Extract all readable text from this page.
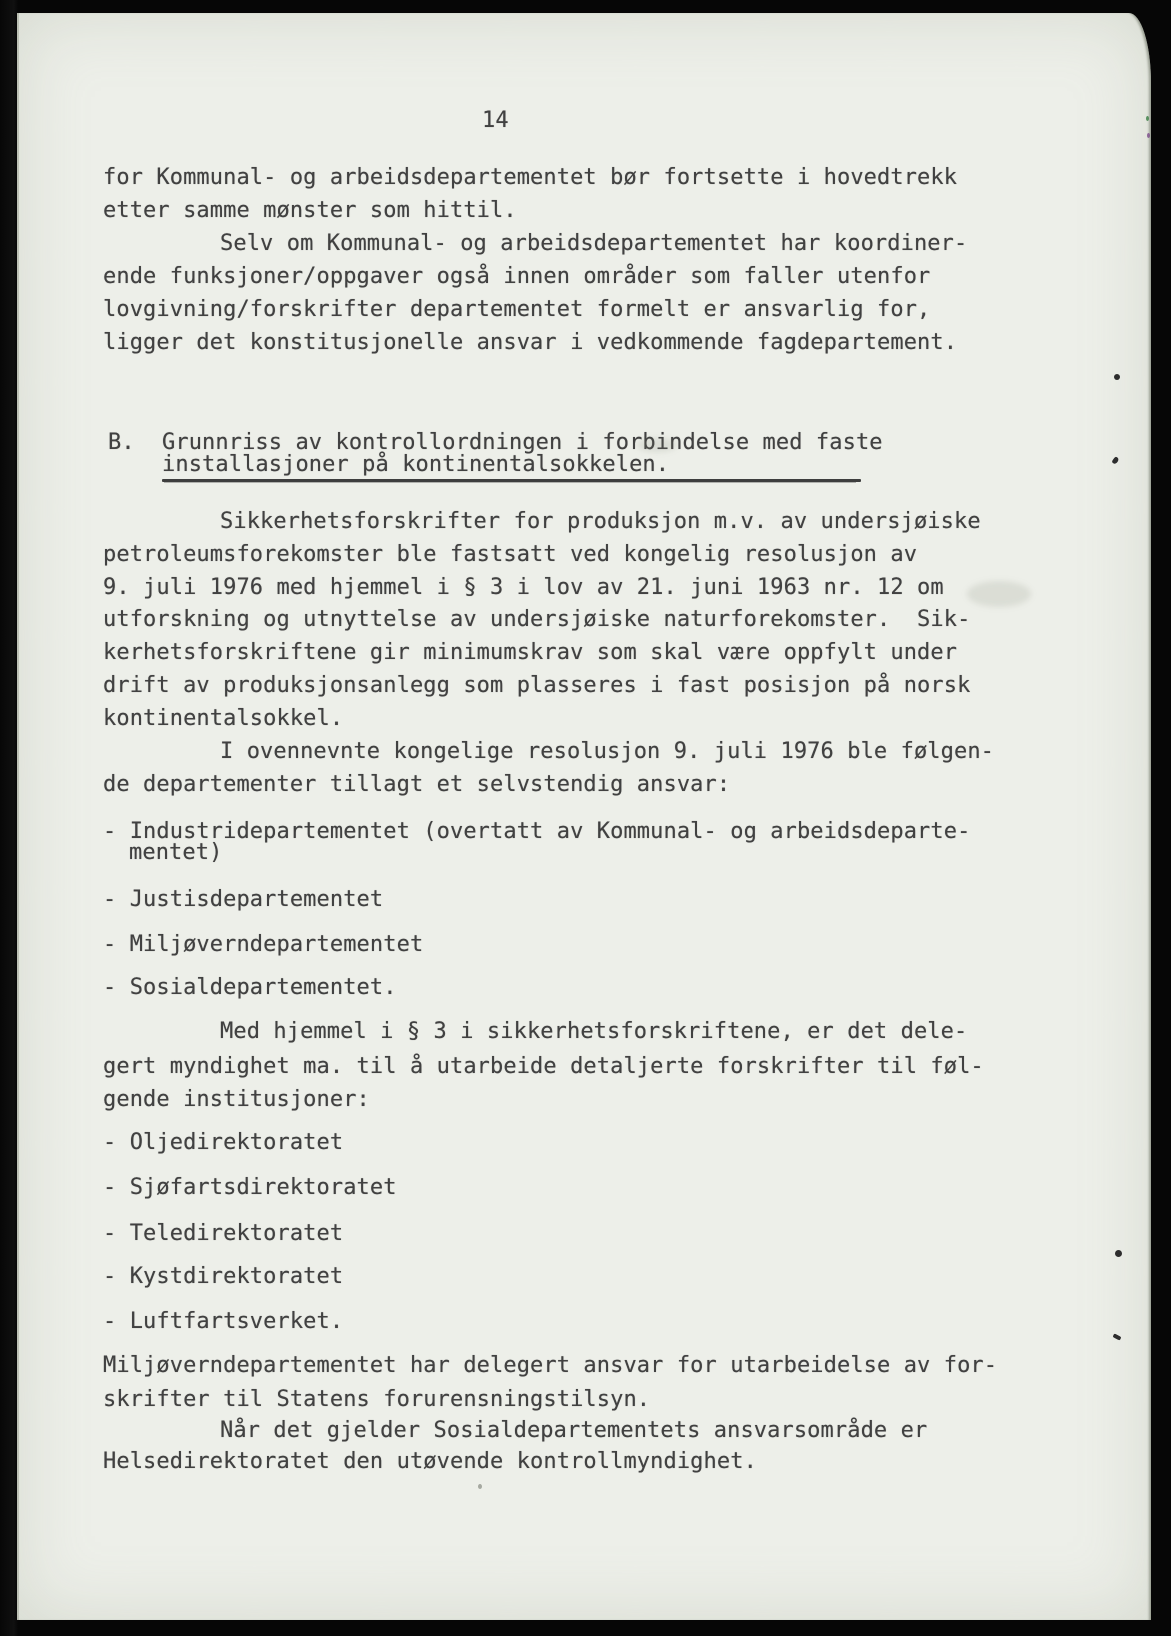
14
for Kommunal- og arbeidsdepartementet bør fortsette i hovedtrekk
etter samme mønster som hittil.
Selv om Kommunal- og arbeidsdepartementet har koordiner-
ende funksjoner/oppgaver også innen områder som faller utenfor
lovgivning/forskrifter departementet formelt er ansvarlig for,
ligger det konstitusjonelle ansvar i vedkommende fagdepartement.
B. Grunnriss av kontrollordningen i forbindelse med faste
installasjoner på kontinentalsokkelen.
Sikkerhetsforskrifter for produksjon m.v. av undersjøiske
petroleumsforekomster ble fastsatt ved kongelig resolusjon av
9. juli 1976 med hjemmel i § 3 i lov av 21. juni 1963 nr. 12 om
utforskning og utnyttelse av undersjøiske naturforekomster.  Sik-
kerhetsforskriftene gir minimumskrav som skal være oppfylt under
drift av produksjonsanlegg som plasseres i fast posisjon på norsk
kontinentalsokkel.
I ovennevnte kongelige resolusjon 9. juli 1976 ble følgen-
de departementer tillagt et selvstendig ansvar:
- Industridepartementet (overtatt av Kommunal- og arbeidsdeparte-
mentet)
- Justisdepartementet
- Miljøverndepartementet
- Sosialdepartementet.
Med hjemmel i § 3 i sikkerhetsforskriftene, er det dele-
gert myndighet ma. til å utarbeide detaljerte forskrifter til føl-
gende institusjoner:
- Oljedirektoratet
- Sjøfartsdirektoratet
- Teledirektoratet
- Kystdirektoratet
- Luftfartsverket.
Miljøverndepartementet har delegert ansvar for utarbeidelse av for-
skrifter til Statens forurensningstilsyn.
Når det gjelder Sosialdepartementets ansvarsområde er
Helsedirektoratet den utøvende kontrollmyndighet.
